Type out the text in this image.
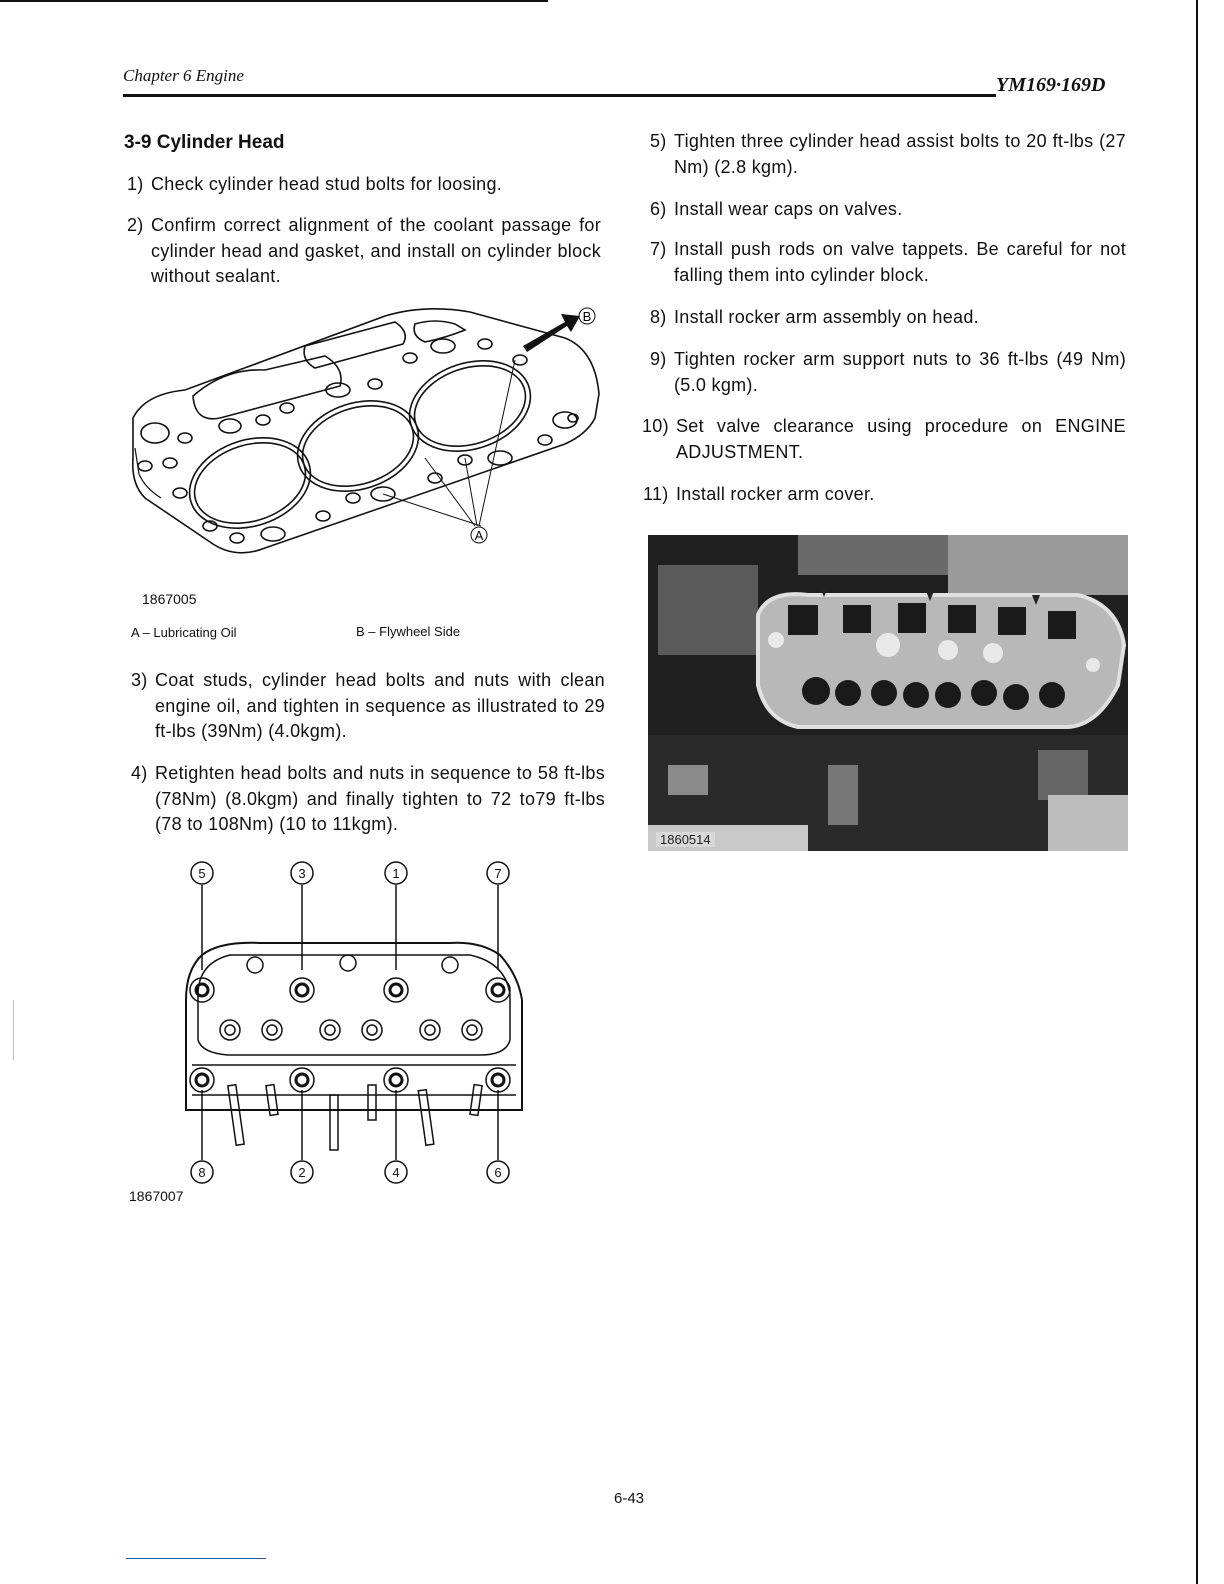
Chapter 6 Engine	YM169·169D
3-9 Cylinder Head
1) Check cylinder head stud bolts for loosing.
2) Confirm correct alignment of the coolant passage for cylinder head and gasket, and install on cylinder block without sealant.
B
A
1867005
A – Lubricating Oil	B – Flywheel Side
3) Coat studs, cylinder head bolts and nuts with clean engine oil, and tighten in sequence as illustrated to 29 ft-lbs (39Nm) (4.0kgm).
4) Retighten head bolts and nuts in sequence to 58 ft-lbs (78Nm) (8.0kgm) and finally tighten to 72 to79 ft-lbs (78 to 108Nm) (10 to 11kgm).
5	3	1	7
8	2	4	6
1867007
5) Tighten three cylinder head assist bolts to 20 ft-lbs (27 Nm) (2.8 kgm).
6) Install wear caps on valves.
7) Install push rods on valve tappets. Be careful for not falling them into cylinder block.
8) Install rocker arm assembly on head.
9) Tighten rocker arm support nuts to 36 ft-lbs (49 Nm) (5.0 kgm).
10) Set valve clearance using procedure on ENGINE ADJUSTMENT.
11) Install rocker arm cover.
1860514
6-43
